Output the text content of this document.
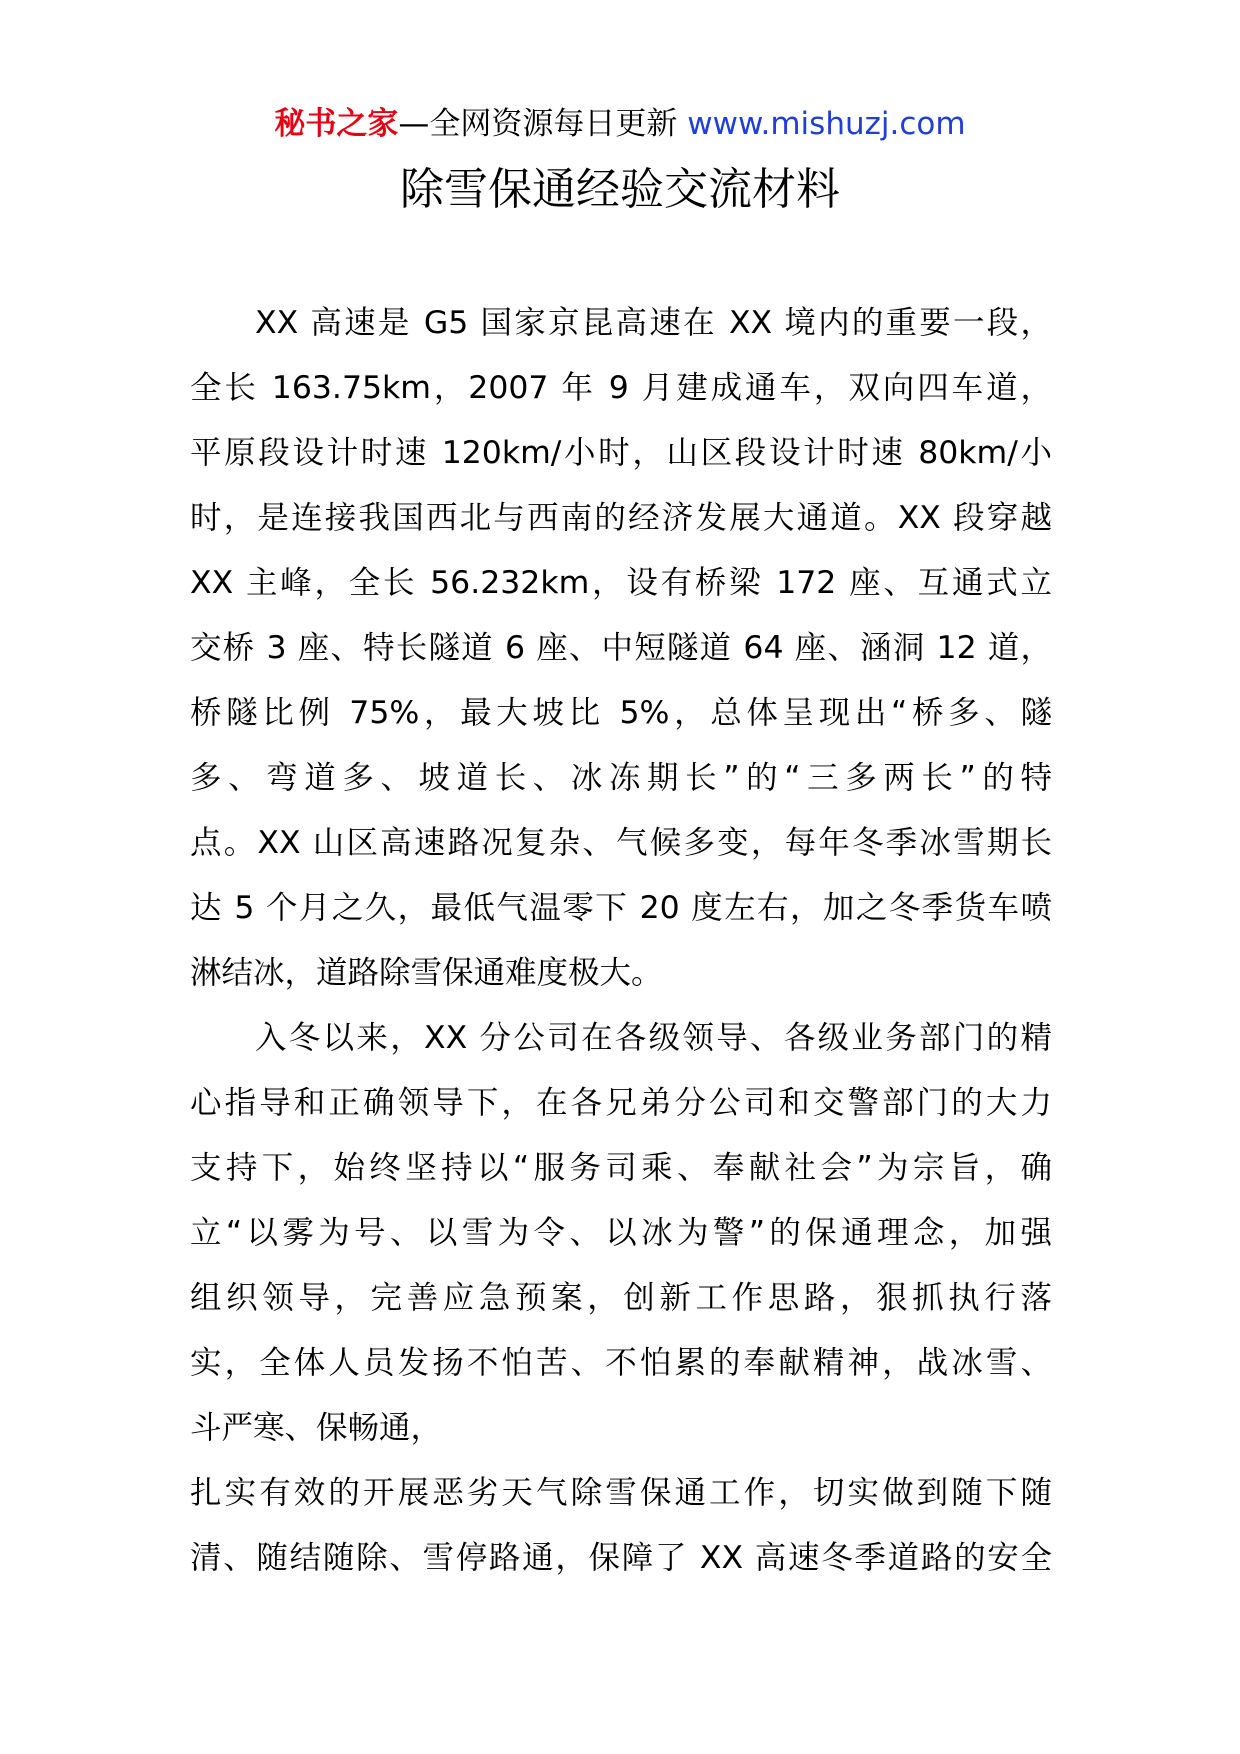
秘书之家—全网资源每日更新 www.mishuzj.com
除雪保通经验交流材料
XX 高速是 G5 国家京昆高速在 XX 境内的重要一段，
全长 163.75km，2007 年 9 月建成通车，双向四车道，
平原段设计时速 120km/小时，山区段设计时速 80km/小
时，是连接我国西北与西南的经济发展大通道。XX 段穿越
XX 主峰，全长 56.232km，设有桥梁 172 座、互通式立
交桥 3 座、特长隧道 6 座、中短隧道 64 座、涵洞 12 道，
桥隧比例 75%，最大坡比 5%，总体呈现出“桥多、隧
多、弯道多、坡道长、冰冻期长”的“三多两长”的特
点。XX 山区高速路况复杂、气候多变，每年冬季冰雪期长
达 5 个月之久，最低气温零下 20 度左右，加之冬季货车喷
淋结冰，道路除雪保通难度极大。
入冬以来，XX 分公司在各级领导、各级业务部门的精
心指导和正确领导下，在各兄弟分公司和交警部门的大力
支持下，始终坚持以“服务司乘、奉献社会”为宗旨，确
立“以雾为号、以雪为令、以冰为警”的保通理念，加强
组织领导，完善应急预案，创新工作思路，狠抓执行落
实，全体人员发扬不怕苦、不怕累的奉献精神，战冰雪、
斗严寒、保畅通，
扎实有效的开展恶劣天气除雪保通工作，切实做到随下随
清、随结随除、雪停路通，保障了 XX 高速冬季道路的安全
